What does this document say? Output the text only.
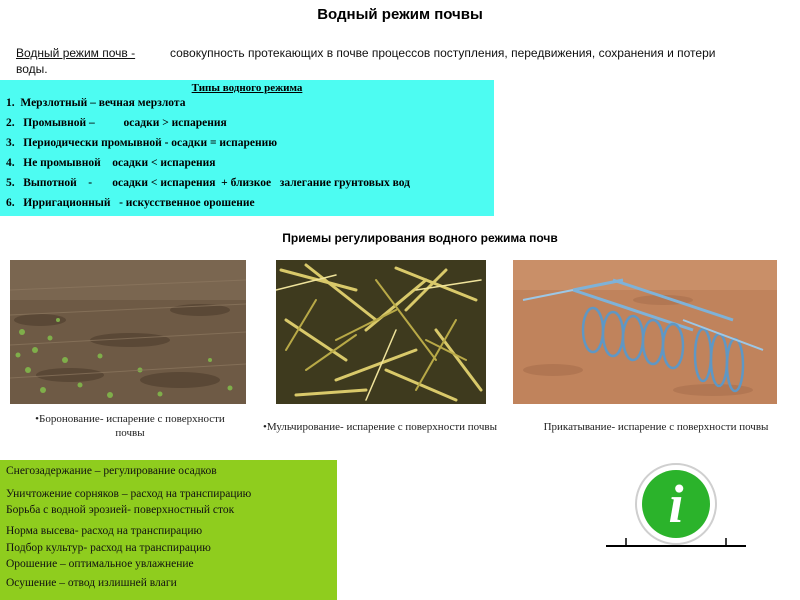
Водный режим почвы
Водный режим почв -	совокупность протекающих в почве процессов поступления, передвижения, сохранения и потери
воды.
Типы водного режима
1.  Мерзлотный – вечная мерзлота
2.   Промывной –          осадки > испарения
3.   Периодически промывной - осадки = испарению
4.   Не промывной    осадки < испарения
5.   Выпотной    -       осадки < испарения  + близкое   залегание грунтовых вод
6.   Ирригационный   - искусственное орошение
Приемы регулирования водного режима почв
•Боронование- испарение с поверхности почвы	•Мульчирование- испарение с поверхности почвы	Прикатывание- испарение с поверхности почвы
Снегозадержание – регулирование осадков
Уничтожение сорняков – расход на транспирацию
Борьба с водной эрозией- поверхностный сток
Норма высева- расход на транспирацию
Подбор культур- расход на транспирацию
Орошение – оптимальное увлажнение
Осушение – отвод излишней влаги
i
